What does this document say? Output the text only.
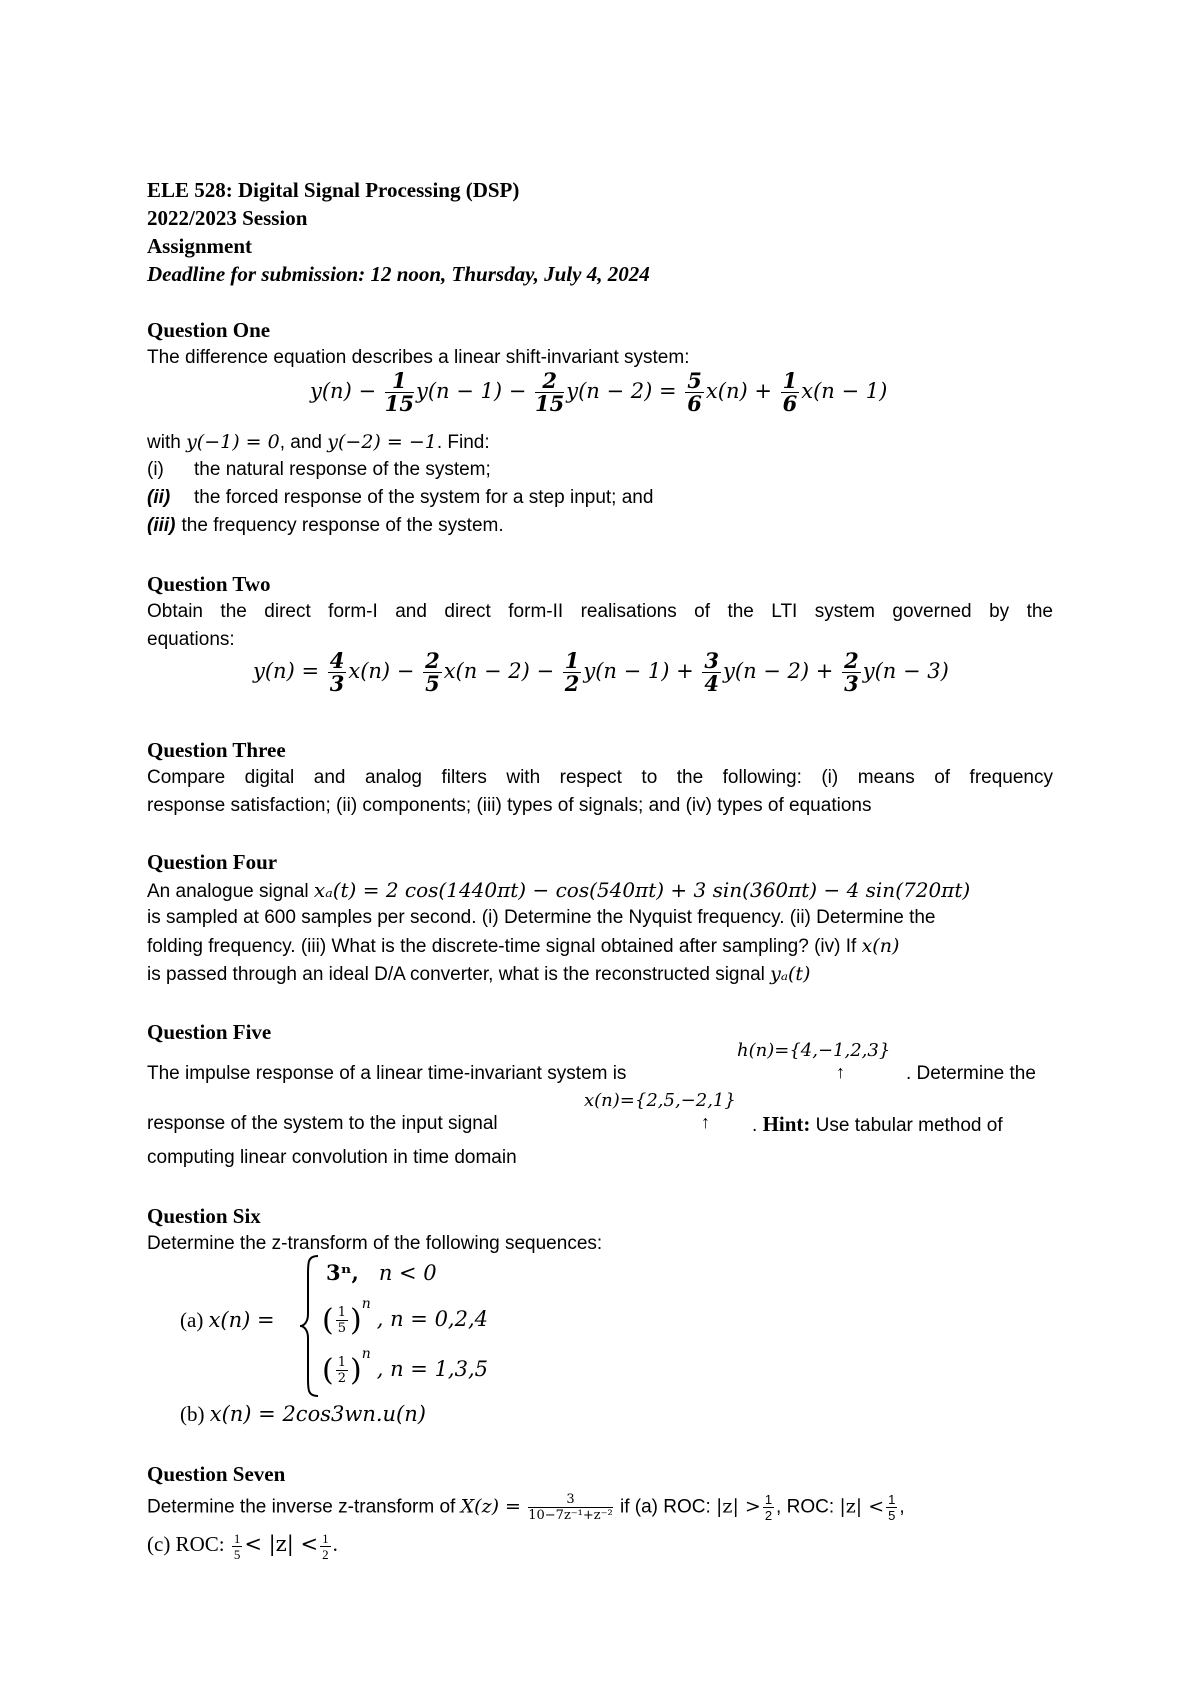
ELE 528: Digital Signal Processing (DSP)
2022/2023 Session
Assignment
Deadline for submission: 12 noon, Thursday, July 4, 2024
Question One
The difference equation describes a linear shift-invariant system:
$y(n) - \frac{1}{15} y(n - 1) - \frac{2}{15} y(n - 2) = \frac{5}{6} x(n) + \frac{1}{6} x(n - 1)$
with y(−1) = 0, and y(−2) = −1. Find:
(i) the natural response of the system;
(ii) the forced response of the system for a step input; and
(iii) the frequency response of the system.
Question Two
Obtain the direct form-I and direct form-II realisations of the LTI system governed by the
equations:
$y(n) = \frac{4}{3} x(n) - \frac{2}{5} x(n - 2) - \frac{1}{2} y(n - 1) + \frac{3}{4} y(n - 2) + \frac{2}{3} y(n - 3)$
Question Three
Compare digital and analog filters with respect to the following: (i) means of frequency
response satisfaction; (ii) components; (iii) types of signals; and (iv) types of equations
Question Four
An analogue signal xₐ(t) = 2 cos(1440πt) − cos(540πt) + 3 sin(360πt) − 4 sin(720πt)
is sampled at 600 samples per second. (i) Determine the Nyquist frequency. (ii) Determine the
folding frequency. (iii) What is the discrete-time signal obtained after sampling? (iv) If x(n)
is passed through an ideal D/A converter, what is the reconstructed signal yₐ(t)
Question Five
h(n)={4,−1,2,3}
↑
The impulse response of a linear time-invariant system is	. Determine the
x(n)={2,5,−2,1}
↑
response of the system to the input signal	. Hint: Use tabular method of
computing linear convolution in time domain
Question Six
Determine the z-transform of the following sequences:
(a) x(n) =
3ⁿ, n < 0
( $\frac{1}{5} )^n$, n = 0,2,4
( $\frac{1}{2} )^n$, n = 1,3,5
(b) x(n) = 2cos3wn.u(n)
Question Seven
Determine the inverse z-transform of $X(z) = \frac{3}{\text{10−7z⁻¹+z⁻²}}$ if (a) ROC: $|z| > \frac{1}{2}$ , ROC: $|z| < \frac{1}{5}$ ,
(c) ROC: $\frac{1}{5} < |z| < \frac{1}{2}$ .
